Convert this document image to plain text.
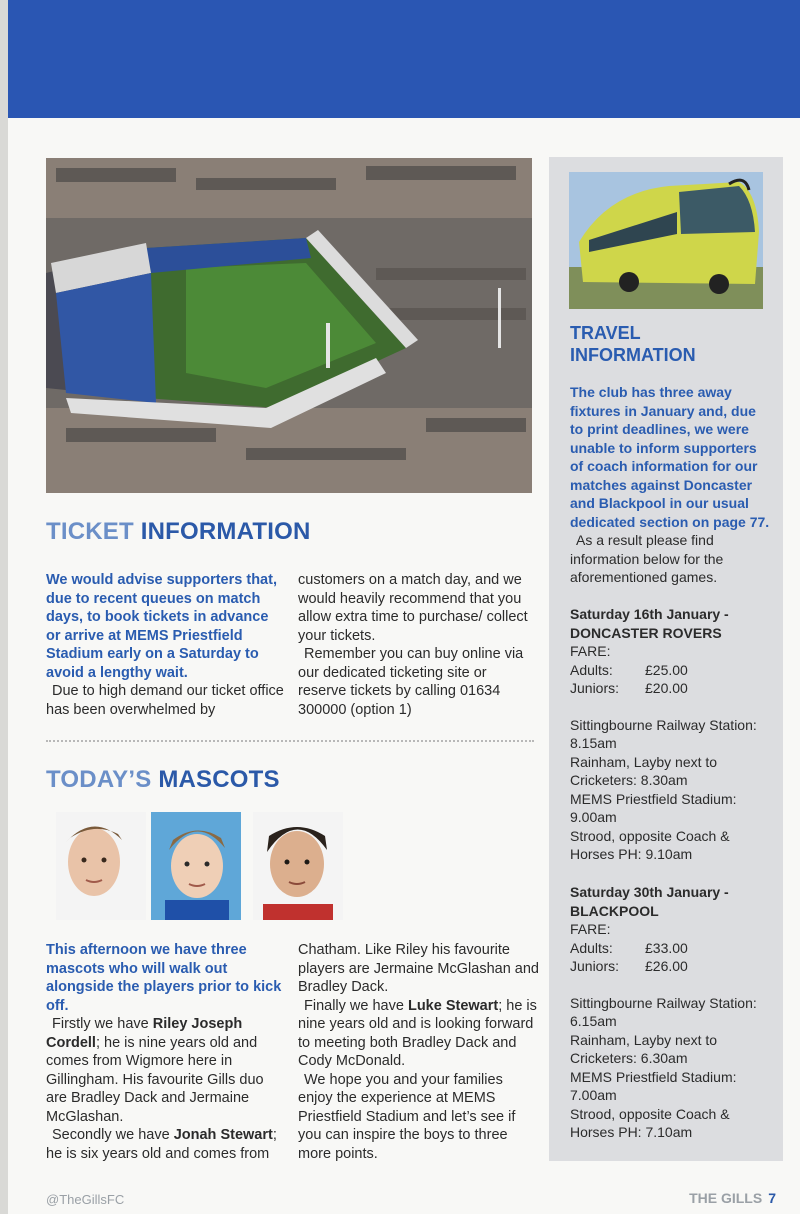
TICKET INFORMATION

We would advise supporters that, due to recent queues on match days, to book tickets in advance or arrive at MEMS Priestfield Stadium early on a Saturday to avoid a lengthy wait.

Due to high demand our ticket office has been overwhelmed by

customers on a match day, and we would heavily recommend that you allow extra time to purchase/ collect your tickets.

Remember you can buy online via our dedicated ticketing site or reserve tickets by calling 01634 300000 (option 1)

TODAY’S MASCOTS

This afternoon we have three mascots who will walk out alongside the players prior to kick off.

Firstly we have Riley Joseph Cordell; he is nine years old and comes from Wigmore here in Gillingham. His favourite Gills duo are Bradley Dack and Jermaine McGlashan.

Secondly we have Jonah Stewart; he is six years old and comes from

Chatham. Like Riley his favourite players are Jermaine McGlashan and Bradley Dack.

Finally we have Luke Stewart; he is nine years old and is looking forward to meeting both Bradley Dack and Cody McDonald.

We hope you and your families enjoy the experience at MEMS Priestfield Stadium and let’s see if you can inspire the boys to three more points.

TRAVEL
INFORMATION

The club has three away fixtures in January and, due to print deadlines, we were unable to inform supporters of coach information for our matches against Doncaster and Blackpool in our usual dedicated section on page 77.

As a result please find information below for the aforementioned games.

Saturday 16th January -

DONCASTER ROVERS

FARE:

Adults:	£25.00

Juniors:	£20.00

Sittingbourne Railway Station: 8.15am

Rainham, Layby next to Cricketers: 8.30am

MEMS Priestfield Stadium: 9.00am

Strood, opposite Coach & Horses PH: 9.10am

Saturday 30th January -

BLACKPOOL

FARE:

Adults:	£33.00

Juniors:	£26.00

Sittingbourne Railway Station: 6.15am

Rainham, Layby next to Cricketers: 6.30am

MEMS Priestfield Stadium: 7.00am

Strood, opposite Coach & Horses PH: 7.10am

@TheGillsFC	THE GILLS 7
